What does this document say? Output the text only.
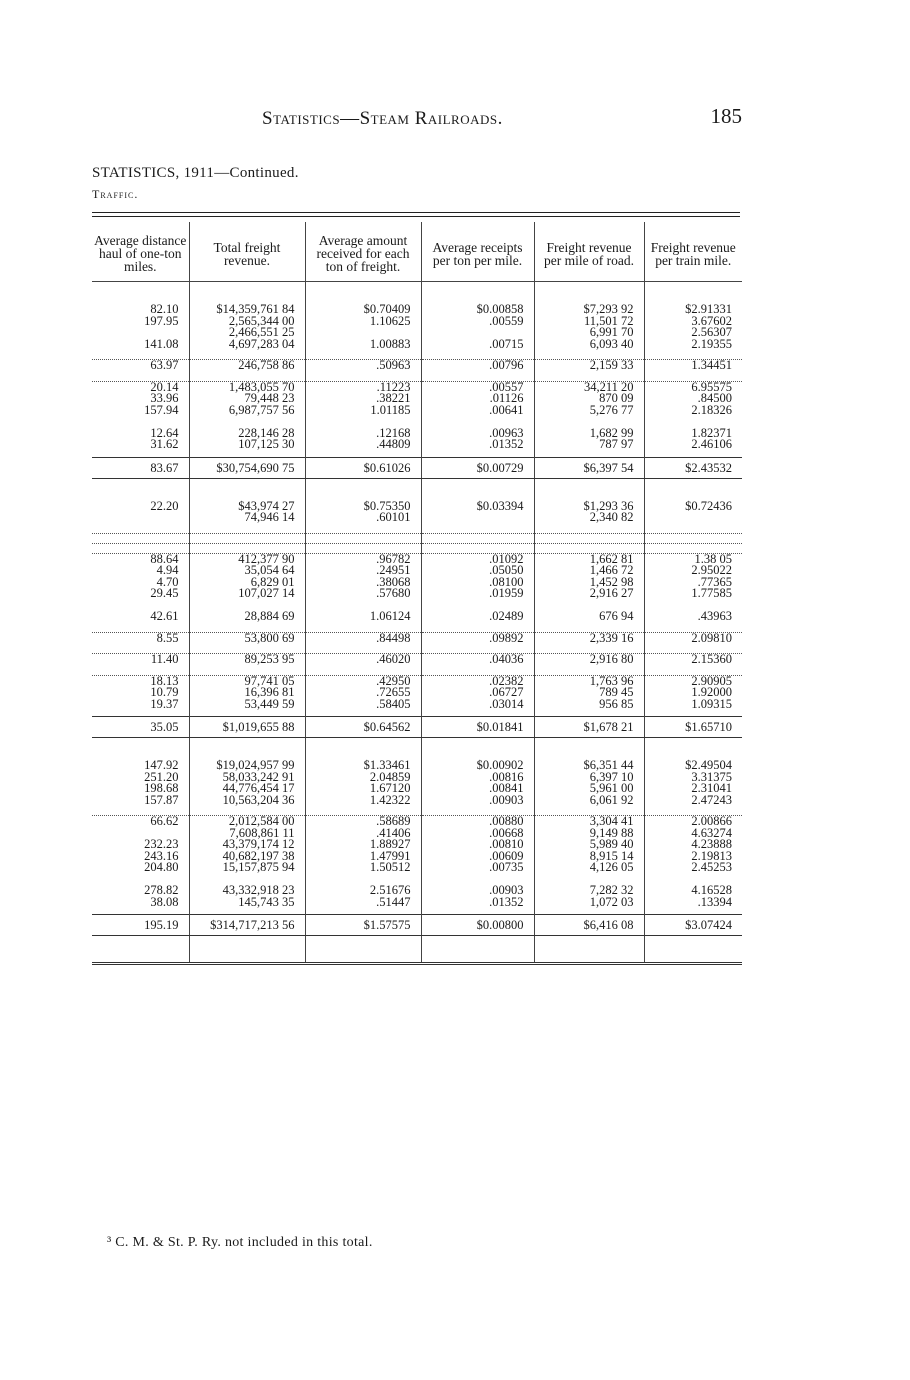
Statistics—Steam Railroads.	185
STATISTICS, 1911—Continued.
Traffic.
Average distance haul of one-ton miles.	Total freight revenue.	Average amount received for each ton of freight.	Average receipts per ton per mile.	Freight revenue per mile of road.	Freight revenue per train mile.

82.10	$14,359,761 84	$0.70409	$0.00858	$7,293 92	$2.91331
197.95	2,565,344 00	1.10625	.00559	11,501 72	3.67602
	2,466,551 25			6,991 70	2.56307
141.08	4,697,283 04	1.00883	.00715	6,093 40	2.19355

63.97	246,758 86	.50963	.00796	2,159 33	1.34451

20.14	1,483,055 70	.11223	.00557	34,211 20	6.95575
33.96	79,448 23	.38221	.01126	870 09	.84500
157.94	6,987,757 56	1.01185	.00641	5,276 77	2.18326

12.64	228,146 28	.12168	.00963	1,682 99	1.82371
31.62	107,125 30	.44809	.01352	787 97	2.46106

83.67	$30,754,690 75	$0.61026	$0.00729	$6,397 54	$2.43532

22.20	$43,974 27	$0.75350	$0.03394	$1,293 36	$0.72436
	74,946 14	.60101		2,340 82	

88.64	412,377 90	.96782	.01092	1,662 81	1.38 05
4.94	35,054 64	.24951	.05050	1,466 72	2.95022
4.70	6,829 01	.38068	.08100	1,452 98	.77365
29.45	107,027 14	.57680	.01959	2,916 27	1.77585

42.61	28,884 69	1.06124	.02489	676 94	.43963

8.55	53,800 69	.84498	.09892	2,339 16	2.09810

11.40	89,253 95	.46020	.04036	2,916 80	2.15360

18.13	97,741 05	.42950	.02382	1,763 96	2.90905
10.79	16,396 81	.72655	.06727	789 45	1.92000
19.37	53,449 59	.58405	.03014	956 85	1.09315

35.05	$1,019,655 88	$0.64562	$0.01841	$1,678 21	$1.65710

147.92	$19,024,957 99	$1.33461	$0.00902	$6,351 44	$2.49504
251.20	58,033,242 91	2.04859	.00816	6,397 10	3.31375
198.68	44,776,454 17	1.67120	.00841	5,961 00	2.31041
157.87	10,563,204 36	1.42322	.00903	6,061 92	2.47243

66.62	2,012,584 00	.58689	.00880	3,304 41	2.00866
	7,608,861 11	.41406	.00668	9,149 88	4.63274
232.23	43,379,174 12	1.88927	.00810	5,989 40	4.23888
243.16	40,682,197 38	1.47991	.00609	8,915 14	2.19813
204.80	15,157,875 94	1.50512	.00735	4,126 05	2.45253

278.82	43,332,918 23	2.51676	.00903	7,282 32	4.16528
38.08	145,743 35	.51447	.01352	1,072 03	.13394

195.19	$314,717,213 56	$1.57575	$0.00800	$6,416 08	$3.07424

³ C. M. & St. P. Ry. not included in this total.
